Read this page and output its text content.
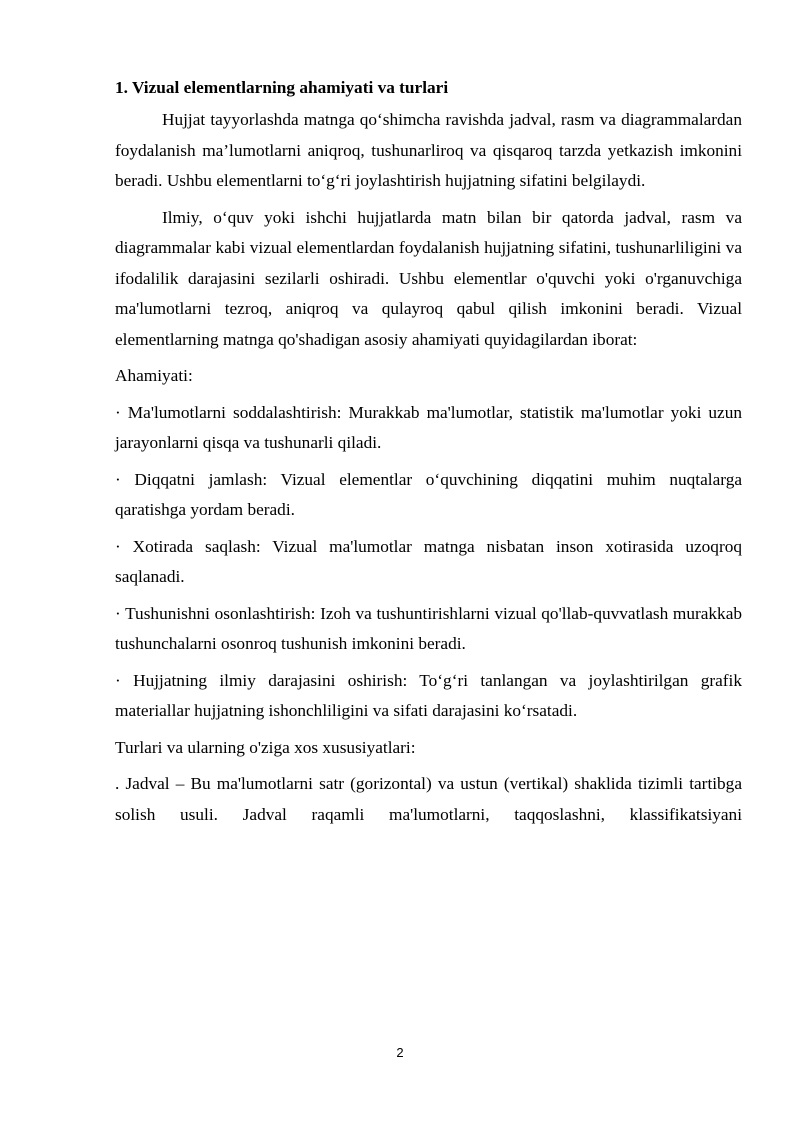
1. Vizual elementlarning ahamiyati va turlari

Hujjat tayyorlashda matnga qo‘shimcha ravishda jadval, rasm va diagrammalardan foydalanish ma’lumotlarni aniqroq, tushunarliroq va qisqaroq tarzda yetkazish imkonini beradi. Ushbu elementlarni to‘g‘ri joylashtirish hujjatning sifatini belgilaydi.

Ilmiy, o‘quv yoki ishchi hujjatlarda matn bilan bir qatorda jadval, rasm va diagrammalar kabi vizual elementlardan foydalanish hujjatning sifatini, tushunarliligini va ifodalilik darajasini sezilarli oshiradi. Ushbu elementlar o'quvchi yoki o'rganuvchiga ma'lumotlarni tezroq, aniqroq va qulayroq qabul qilish imkonini beradi. Vizual elementlarning matnga qo'shadigan asosiy ahamiyati quyidagilardan iborat:

Ahamiyati:

· Ma'lumotlarni soddalashtirish: Murakkab ma'lumotlar, statistik ma'lumotlar yoki uzun jarayonlarni qisqa va tushunarli qiladi.

· Diqqatni jamlash: Vizual elementlar o‘quvchining diqqatini muhim nuqtalarga qaratishga yordam beradi.

· Xotirada saqlash: Vizual ma'lumotlar matnga nisbatan inson xotirasida uzoqroq saqlanadi.

· Tushunishni osonlashtirish: Izoh va tushuntirishlarni vizual qo'llab-quvvatlash murakkab tushunchalarni osonroq tushunish imkonini beradi.

· Hujjatning ilmiy darajasini oshirish: To‘g‘ri tanlangan va joylashtirilgan grafik materiallar hujjatning ishonchliligini va sifati darajasini ko‘rsatadi.

Turlari va ularning o'ziga xos xususiyatlari:

. Jadval – Bu ma'lumotlarni satr (gorizontal) va ustun (vertikal) shaklida tizimli tartibga solish usuli. Jadval raqamli ma'lumotlarni, taqqoslashni, klassifikatsiyani

2
